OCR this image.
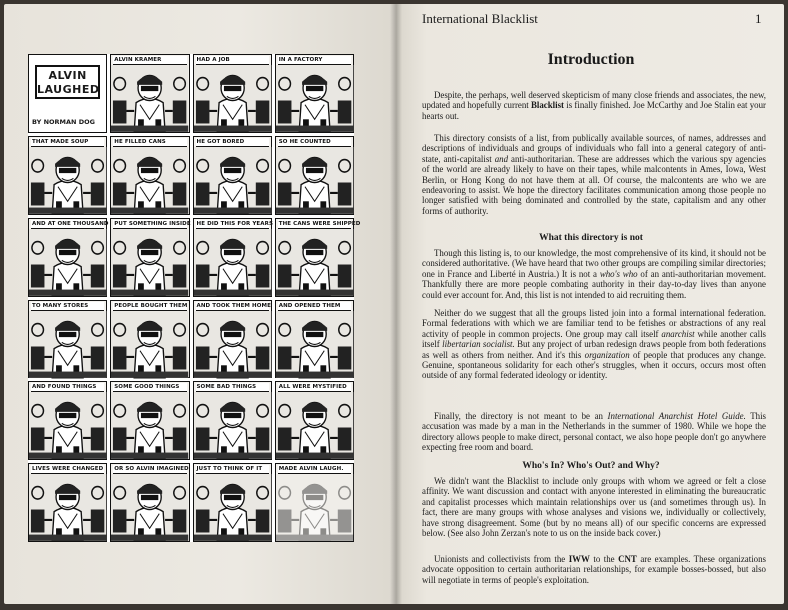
ALVIN LAUGHED
BY NORMAN DOG
ALVIN KRAMER	HAD A JOB	IN A FACTORY
THAT MADE SOUP	HE FILLED CANS	HE GOT BORED	SO HE COUNTED
AND AT ONE THOUSAND PUT SOMETHING INSIDE HE DID THIS FOR YEARS THE CANS WERE SHIPPED
TO MANY STORES	PEOPLE BOUGHT THEM AND TOOK THEM HOME AND OPENED THEM
AND FOUND THINGS	SOME GOOD THINGS	SOME BAD THINGS	ALL WERE MYSTIFIED
LIVES WERE CHANGED OR SO ALVIN IMAGINED JUST TO THINK OF IT	MADE ALVIN LAUGH.
International Blacklist	1
Introduction

Despite, the perhaps, well deserved skepticism of many close friends and associates, the new, updated and hopefully current Blacklist is finally finished. Joe McCarthy and Joe Stalin eat your hearts out.

This directory consists of a list, from publically available sources, of names, addresses and descriptions of individuals and groups of individuals who fall into a general category of anti-state, anti-capitalist and anti-authoritarian. These are addresses which the various spy agencies of the world are already likely to have on their tapes, while malcontents in Ames, Iowa, West Berlin, or Hong Kong do not have them at all. Of course, the malcontents are who we are endeavoring to assist. We hope the directory facilitates communication among those people no longer satisfied with being dominated and controlled by the state, capitalism and any other forms of authority.

What this directory is not

Though this listing is, to our knowledge, the most comprehensive of its kind, it should not be considered authoritative. (We have heard that two other groups are compiling similar directories; one in France and Liberté in Austria.) It is not a who's who of an anti-authoritarian movement. Thankfully there are more people combating authority in their day-to-day lives than anyone could ever account for. And, this list is not intended to aid recruiting them.

Neither do we suggest that all the groups listed join into a formal international federation. Formal federations with which we are familiar tend to be fetishes or abstractions of any real activity of people in common projects. One group may call itself anarchist while another calls itself libertarian socialist. But any project of urban redesign draws people from both federations as well as others from neither. And it's this organization of people that produces any change. Genuine, spontaneous solidarity for each other's struggles, when it occurs, occurs most often outside of any formal federated ideology or identity.

Finally, the directory is not meant to be an International Anarchist Hotel Guide. This accusation was made by a man in the Netherlands in the summer of 1980. While we hope the directory allows people to make direct, personal contact, we also hope people don't go anywhere expecting free room and board.

Who's In? Who's Out? and Why?

We didn't want the Blacklist to include only groups with whom we agreed or felt a close affinity. We want discussion and contact with anyone interested in eliminating the bureaucratic and capitalist processes which maintain relationships over us (and sometimes through us). In fact, there are many groups with whose analyses and visions we, individually or collectively, have strong disagreement. Some (but by no means all) of our specific concerns are expressed below. (See also John Zerzan's note to us on the inside back cover.)

Unionists and collectivists from the IWW to the CNT are examples. These organizations advocate opposition to certain authoritarian relationships, for example bosses-bossed, but also will negotiate in terms of people's exploitation.
